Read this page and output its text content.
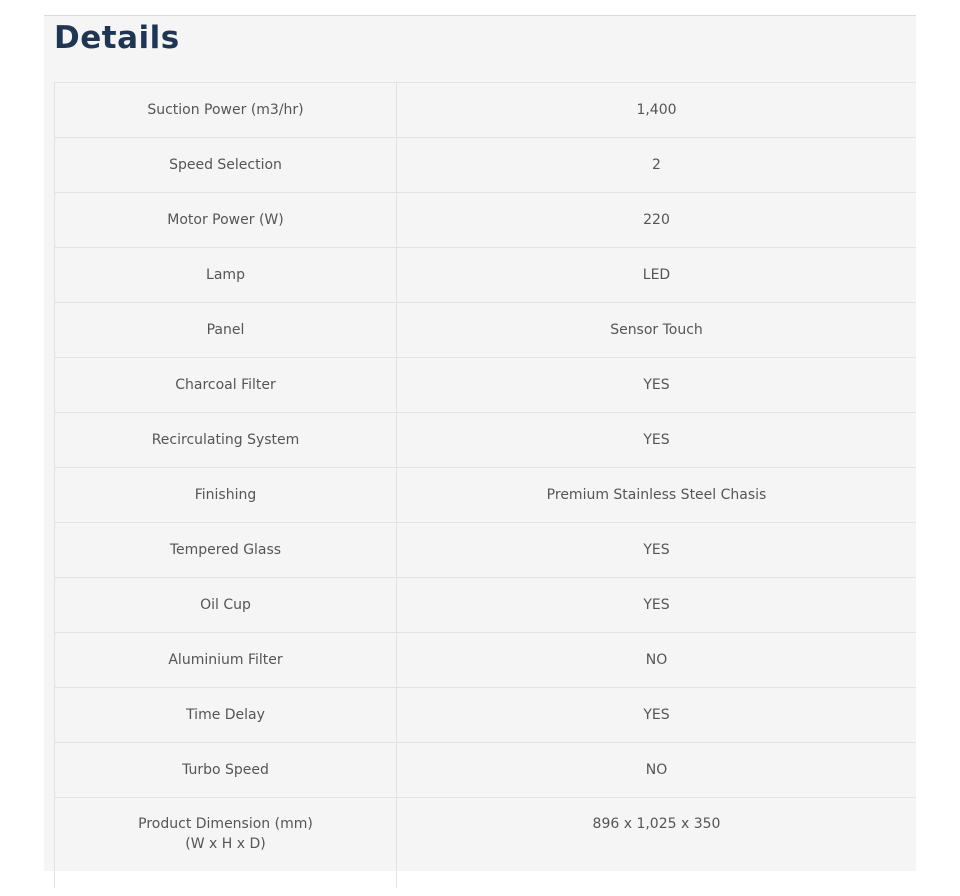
Details
Suction Power (m3/hr)	1,400
Speed Selection	2
Motor Power (W)	220
Lamp	LED
Panel	Sensor Touch
Charcoal Filter	YES
Recirculating System	YES
Finishing	Premium Stainless Steel Chasis
Tempered Glass	YES
Oil Cup	YES
Aluminium Filter	NO
Time Delay	YES
Turbo Speed	NO

Product Dimension (mm)
(W x H x D)	896 x 1,025 x 350
